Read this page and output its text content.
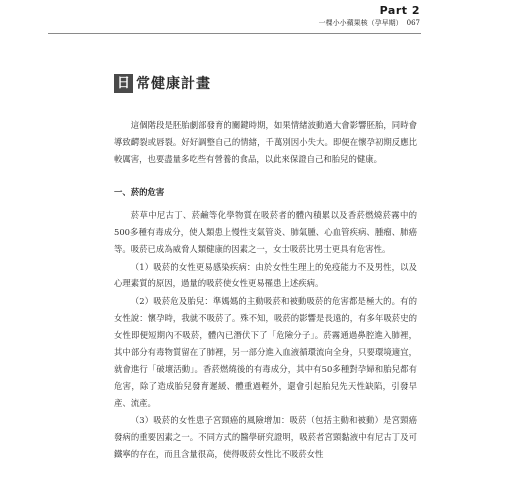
Part 2
一棵小小蘋果核（孕早期） 067
日 常健康計畫

這個階段是胚胎劇部發育的關鍵時期，如果情緒波動過大會影響胚胎，同時會導致齶裂或唇裂。好好調整自己的情緒，千萬別因小失大。即便在懷孕初期反應比較厲害，也要盡量多吃些有營養的食品，以此來保證自己和胎兒的健康。

一、菸的危害

菸草中尼古丁、菸鹼等化學物質在吸菸者的體內積累以及香菸燃燒菸霧中的500多種有毒成分，使人類患上慢性支氣管炎、肺氣腫、心血管疾病、腫瘤、肺癌等。吸菸已成為威脅人類健康的因素之一，女士吸菸比男士更具有危害性。

（1）吸菸的女性更易感染疾病：由於女性生理上的免疫能力不及男性，以及心理素質的原因，過量的吸菸使女性更易罹患上述疾病。

（2）吸菸危及胎兒：準媽媽的主動吸菸和被動吸菸的危害都是極大的。有的女性說：懷孕時，我就不吸菸了。殊不知，吸菸的影響是長遠的，有多年吸菸史的女性即便短期內不吸菸，體內已潛伏下了「危險分子」。菸霧通過鼻腔進入肺裡，其中部分有毒物質留在了肺裡，另一部分進入血液循環流向全身，只要環境適宜，就會進行「破壞活動」。香菸燃燒後的有毒成分，其中有50多種對孕婦和胎兒都有危害，除了造成胎兒發育遲緩、體重過輕外，還會引起胎兒先天性缺陷，引發早產、流產。

（3）吸菸的女性患子宮頸癌的風險增加：吸菸（包括主動和被動）是宮頸癌發病的重要因素之一。不同方式的醫學研究證明，吸菸者宮頸黏液中有尼古丁及可鐵寧的存在，而且含量很高，使得吸菸女性比不吸菸女性
